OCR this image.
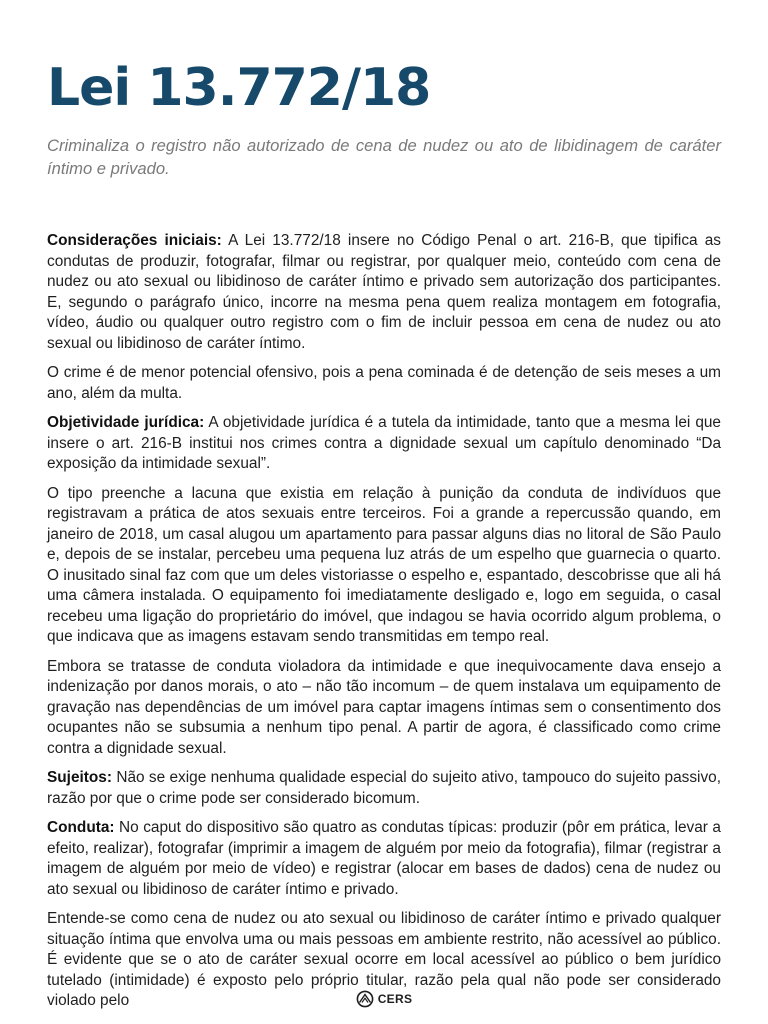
Lei 13.772/18

Criminaliza o registro não autorizado de cena de nudez ou ato de libidinagem de caráter íntimo e privado.

Considerações iniciais: A Lei 13.772/18 insere no Código Penal o art. 216-B, que tipifica as condutas de produzir, fotografar, filmar ou registrar, por qualquer meio, conteúdo com cena de nudez ou ato sexual ou libidinoso de caráter íntimo e privado sem autorização dos participantes. E, segundo o parágrafo único, incorre na mesma pena quem realiza montagem em fotografia, vídeo, áudio ou qualquer outro registro com o fim de incluir pessoa em cena de nudez ou ato sexual ou libidinoso de caráter íntimo.

O crime é de menor potencial ofensivo, pois a pena cominada é de detenção de seis meses a um ano, além da multa.

Objetividade jurídica: A objetividade jurídica é a tutela da intimidade, tanto que a mesma lei que insere o art. 216-B institui nos crimes contra a dignidade sexual um capítulo denominado “Da exposição da intimidade sexual”.

O tipo preenche a lacuna que existia em relação à punição da conduta de indivíduos que registravam a prática de atos sexuais entre terceiros. Foi a grande a repercussão quando, em janeiro de 2018, um casal alugou um apartamento para passar alguns dias no litoral de São Paulo e, depois de se instalar, percebeu uma pequena luz atrás de um espelho que guarnecia o quarto. O inusitado sinal faz com que um deles vistoriasse o espelho e, espantado, descobrisse que ali há uma câmera instalada. O equipamento foi imediatamente desligado e, logo em seguida, o casal recebeu uma ligação do proprietário do imóvel, que indagou se havia ocorrido algum problema, o que indicava que as imagens estavam sendo transmitidas em tempo real.

Embora se tratasse de conduta violadora da intimidade e que inequivocamente dava ensejo a indenização por danos morais, o ato – não tão incomum – de quem instalava um equipamento de gravação nas dependências de um imóvel para captar imagens íntimas sem o consentimento dos ocupantes não se subsumia a nenhum tipo penal. A partir de agora, é classificado como crime contra a dignidade sexual.

Sujeitos: Não se exige nenhuma qualidade especial do sujeito ativo, tampouco do sujeito passivo, razão por que o crime pode ser considerado bicomum.

Conduta: No caput do dispositivo são quatro as condutas típicas: produzir (pôr em prática, levar a efeito, realizar), fotografar (imprimir a imagem de alguém por meio da fotografia), filmar (registrar a imagem de alguém por meio de vídeo) e registrar (alocar em bases de dados) cena de nudez ou ato sexual ou libidinoso de caráter íntimo e privado.

Entende-se como cena de nudez ou ato sexual ou libidinoso de caráter íntimo e privado qualquer situação íntima que envolva uma ou mais pessoas em ambiente restrito, não acessível ao público. É evidente que se o ato de caráter sexual ocorre em local acessível ao público o bem jurídico tutelado (intimidade) é exposto pelo próprio titular, razão pela qual não pode ser considerado violado pelo	CERS
